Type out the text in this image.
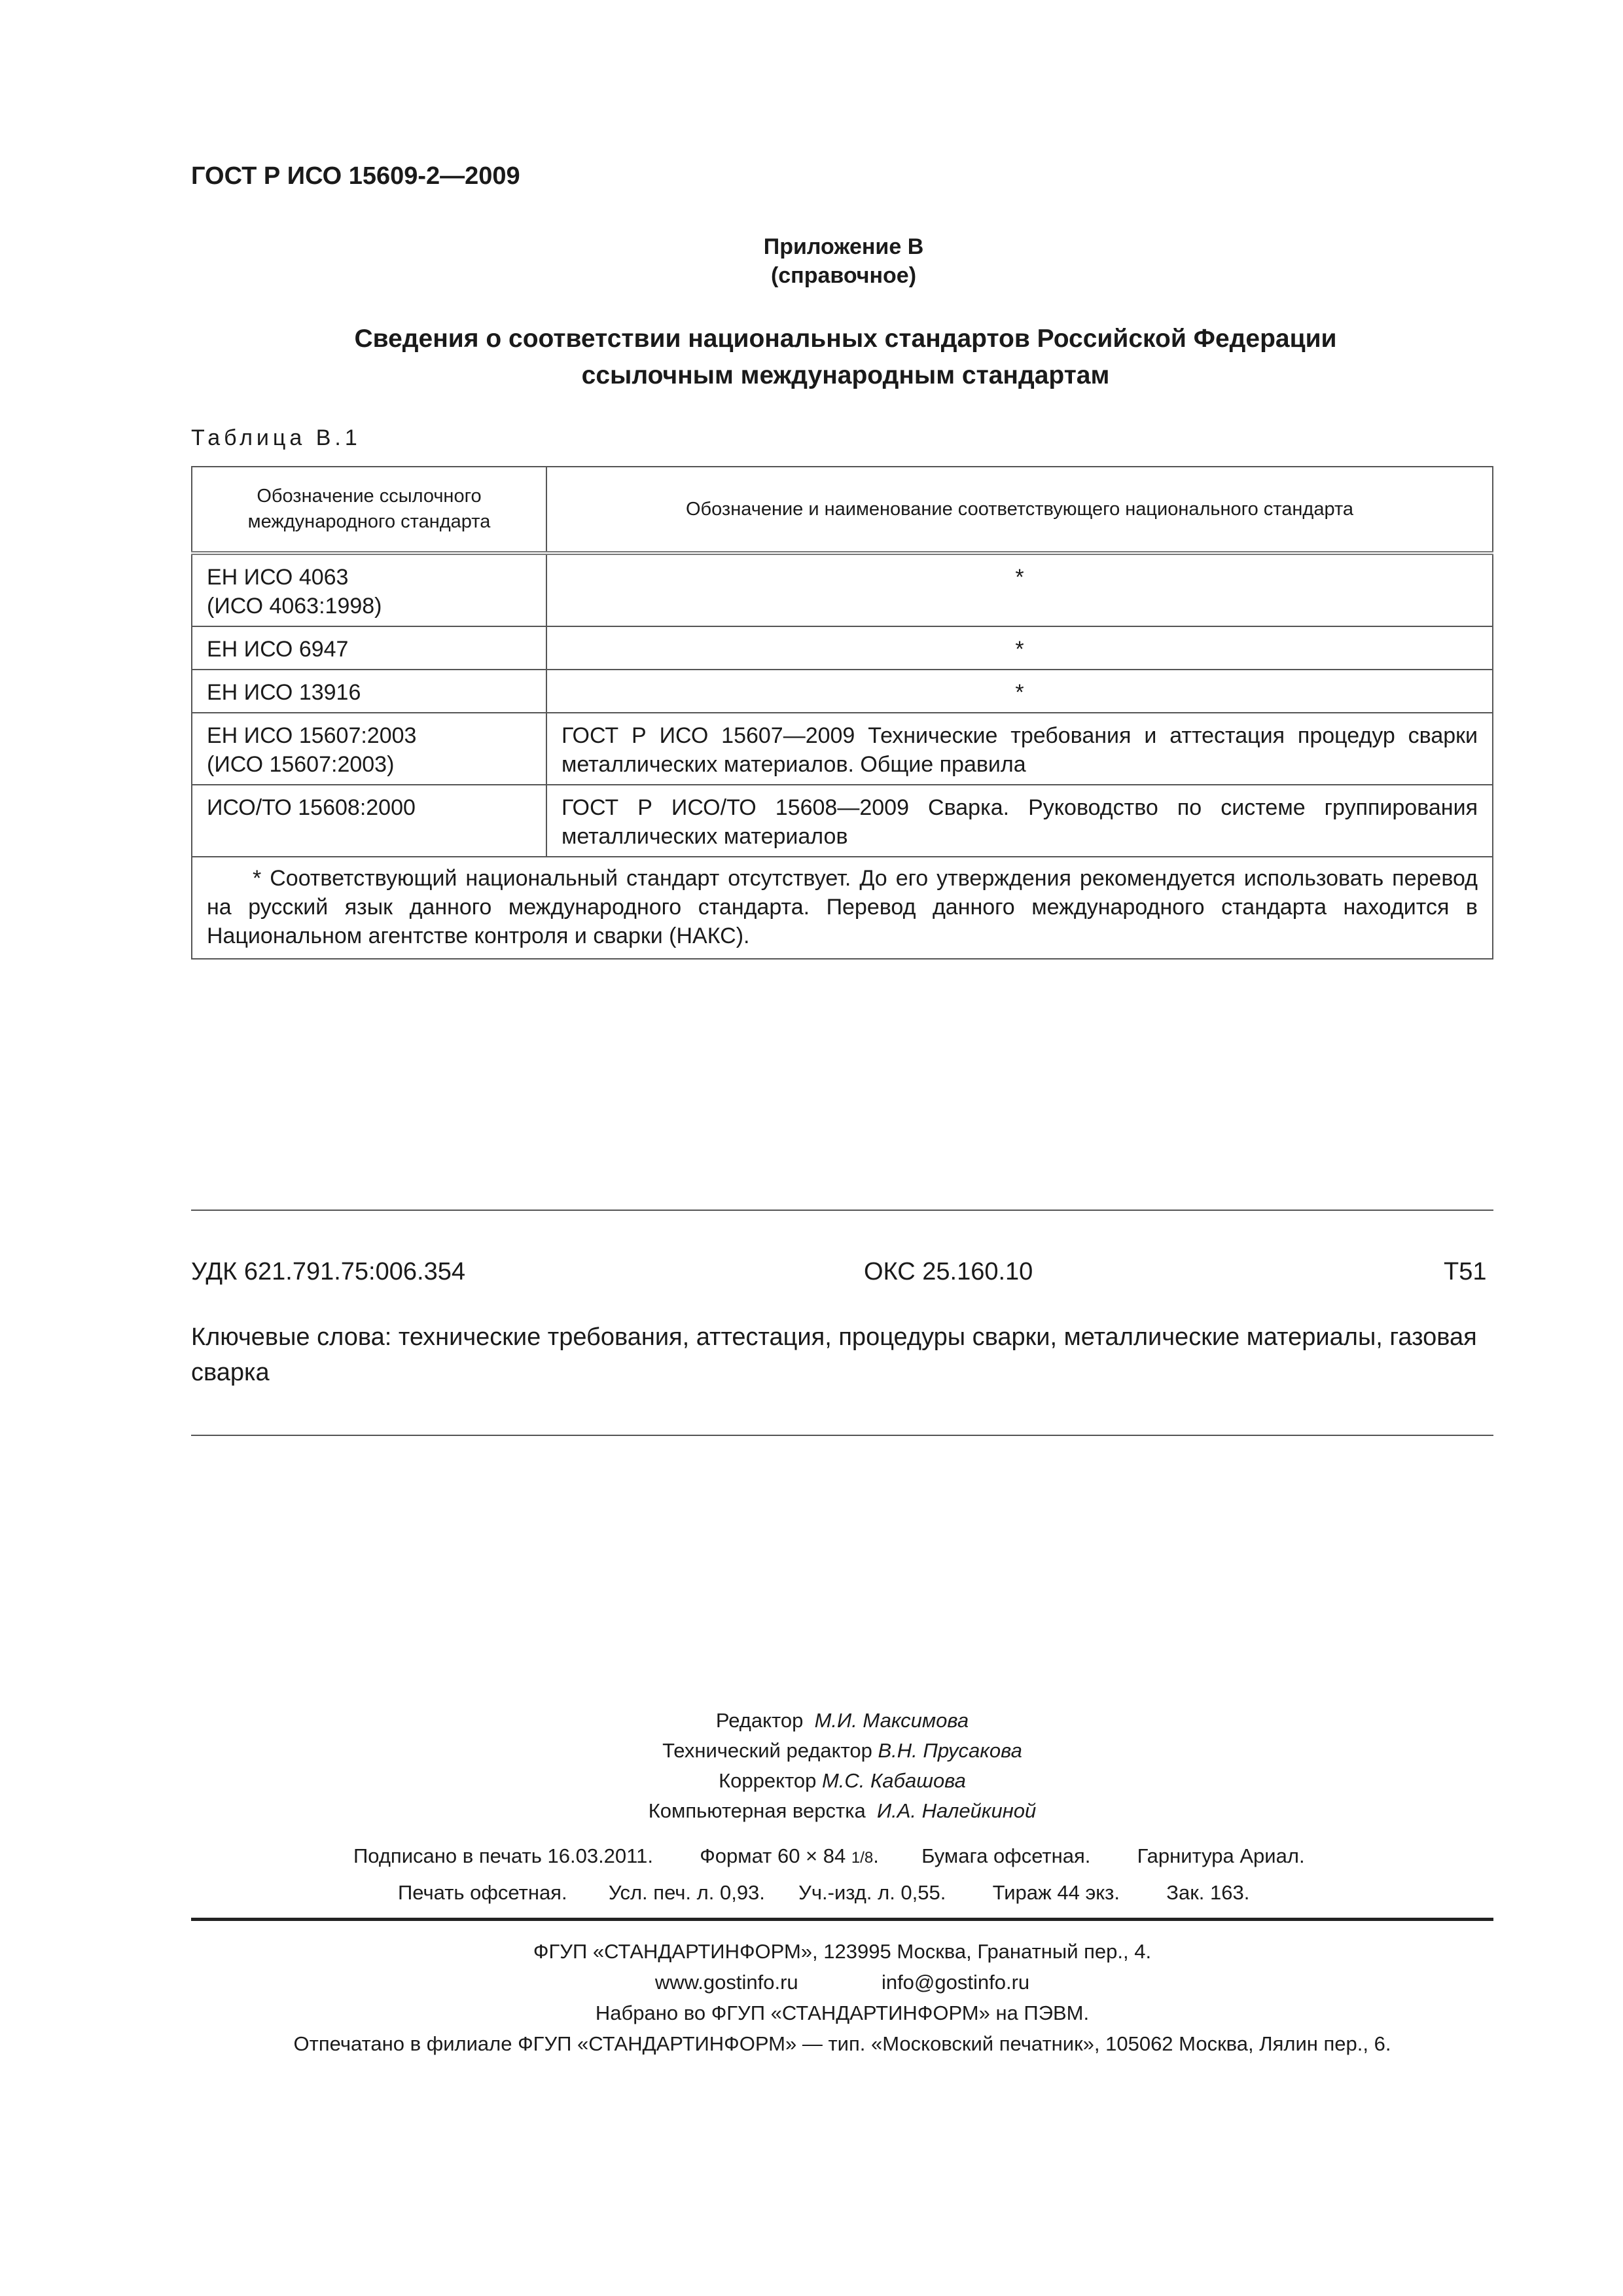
ГОСТ Р ИСО 15609-2—2009
Приложение В
(справочное)
Сведения о соответствии национальных стандартов Российской Федерации
ссылочным международным стандартам
Таблица В.1
Обозначение ссылочного международного стандарта	Обозначение и наименование соответствующего национального стандарта
ЕН ИСО 4063
(ИСО 4063:1998)	*
ЕН ИСО 6947	*
ЕН ИСО 13916	*
ЕН ИСО 15607:2003
(ИСО 15607:2003)	ГОСТ Р ИСО 15607—2009 Технические требования и аттестация процедур сварки металлических материалов. Общие правила
ИСО/ТО 15608:2000	ГОСТ Р ИСО/ТО 15608—2009 Сварка. Руководство по системе группирования металлических материалов
* Соответствующий национальный стандарт отсутствует. До его утверждения рекомендуется использовать перевод на русский язык данного международного стандарта. Перевод данного международного стандарта находится в Национальном агентстве контроля и сварки (НАКС).	
УДК 621.791.75:006.354	ОКС 25.160.10	Т51
Ключевые слова: технические требования, аттестация, процедуры сварки, металлические материалы, газовая сварка
Редактор М.И. Максимова
Технический редактор В.Н. Прусакова
Корректор М.С. Кабашова
Компьютерная верстка И.А. Налейкиной
Подписано в печать 16.03.2011. Формат 60 × 84 1/8.  Бумага офсетная. Гарнитура Ариал.
Печать офсетная. Усл. печ. л. 0,93. Уч.-изд. л. 0,55. Тираж 44 экз. Зак. 163.
ФГУП «СТАНДАРТИНФОРМ», 123995 Москва, Гранатный пер., 4.
www.gostinfo.ru	info@gostinfo.ru
Набрано во ФГУП «СТАНДАРТИНФОРМ» на ПЭВМ.
Отпечатано в филиале ФГУП «СТАНДАРТИНФОРМ» — тип. «Московский печатник», 105062 Москва, Лялин пер., 6.
